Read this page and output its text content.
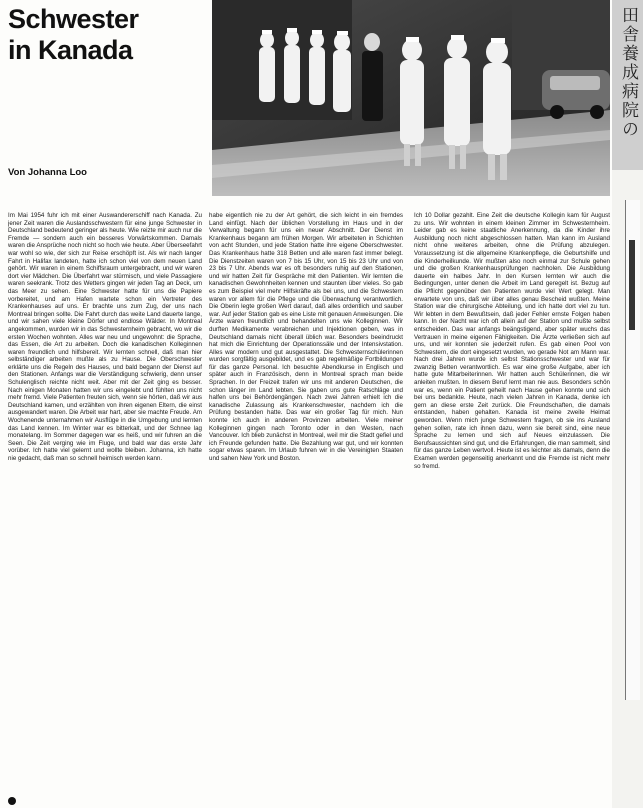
Schwester
in Kanada
Von Johanna Loo
田舎養成病院の

Im Mai 1954 fuhr ich mit einer Auswandererschiff nach Kanada. Zu jener Zeit waren die Auslandsschwestern für eine junge Schwester in Deutschland bedeutend geringer als heute. Wie reizte mir auch nur die Fremde — sondern auch ein besseres Vorwärtskommen. Damals waren die Ansprüche noch nicht so hoch wie heute. Aber Überseefahrt war wohl so wie, der sich zur Reise erschöpft ist. Als wir nach langer Fahrt in Halifax landeten, hatte ich schon viel von dem neuen Land gehört. Wir waren in einem Schiffsraum untergebracht, und wir waren dort vier Mädchen. Die Überfahrt war stürmisch, und viele Passagiere waren seekrank. Trotz des Wetters gingen wir jeden Tag an Deck, um das Meer zu sehen. Eine Schwester hatte für uns die Papiere vorbereitet, und am Hafen wartete schon ein Vertreter des Krankenhauses auf uns. Er brachte uns zum Zug, der uns nach Montreal bringen sollte. Die Fahrt durch das weite Land dauerte lange, und wir sahen viele kleine Dörfer und endlose Wälder. In Montreal angekommen, wurden wir in das Schwesternheim gebracht, wo wir die ersten Wochen wohnten. Alles war neu und ungewohnt: die Sprache, das Essen, die Art zu arbeiten. Doch die kanadischen Kolleginnen waren freundlich und hilfsbereit. Wir lernten schnell, daß man hier selbständiger arbeiten mußte als zu Hause. Die Oberschwester erklärte uns die Regeln des Hauses, und bald begann der Dienst auf den Stationen. Anfangs war die Verständigung schwierig, denn unser Schulenglisch reichte nicht weit. Aber mit der Zeit ging es besser. Nach einigen Monaten hatten wir uns eingelebt und fühlten uns nicht mehr fremd. Viele Patienten freuten sich, wenn sie hörten, daß wir aus Deutschland kamen, und erzählten von ihren eigenen Eltern, die einst ausgewandert waren. Die Arbeit war hart, aber sie machte Freude. Am Wochenende unternahmen wir Ausflüge in die Umgebung und lernten das Land kennen. Im Winter war es bitterkalt, und der Schnee lag monatelang. Im Sommer dagegen war es heiß, und wir fuhren an die Seen. Die Zeit verging wie im Fluge, und bald war das erste Jahr vorüber. Ich hatte viel gelernt und wollte bleiben. Johanna, ich hatte nie gedacht, daß man so schnell heimisch werden kann.

habe eigentlich nie zu der Art gehört, die sich leicht in ein fremdes Land einfügt. Nach der üblichen Vorstellung im Haus und in der Verwaltung begann für uns ein neuer Abschnitt. Der Dienst im Krankenhaus begann am frühen Morgen. Wir arbeiteten in Schichten von acht Stunden, und jede Station hatte ihre eigene Oberschwester. Das Krankenhaus hatte 318 Betten und alle waren fast immer belegt. Die Dienstzeiten waren von 7 bis 15 Uhr, von 15 bis 23 Uhr und von 23 bis 7 Uhr. Abends war es oft besonders ruhig auf den Stationen, und wir hatten Zeit für Gespräche mit den Patienten. Wir lernten die kanadischen Gewohnheiten kennen und staunten über vieles. So gab es zum Beispiel viel mehr Hilfskräfte als bei uns, und die Schwestern waren vor allem für die Pflege und die Überwachung verantwortlich. Die Oberin legte großen Wert darauf, daß alles ordentlich und sauber war. Auf jeder Station gab es eine Liste mit genauen Anweisungen. Die Ärzte waren freundlich und behandelten uns wie Kolleginnen. Wir durften Medikamente verabreichen und Injektionen geben, was in Deutschland damals nicht überall üblich war. Besonders beeindruckt hat mich die Einrichtung der Operationssäle und der Intensivstation. Alles war modern und gut ausgestattet. Die Schwesternschülerinnen wurden sorgfältig ausgebildet, und es gab regelmäßige Fortbildungen für das ganze Personal. Ich besuchte Abendkurse in Englisch und später auch in Französisch, denn in Montreal sprach man beide Sprachen. In der Freizeit trafen wir uns mit anderen Deutschen, die schon länger im Land lebten. Sie gaben uns gute Ratschläge und halfen uns bei Behördengängen. Nach zwei Jahren erhielt ich die kanadische Zulassung als Krankenschwester, nachdem ich die Prüfung bestanden hatte. Das war ein großer Tag für mich. Nun konnte ich auch in anderen Provinzen arbeiten. Viele meiner Kolleginnen gingen nach Toronto oder in den Westen, nach Vancouver. Ich blieb zunächst in Montreal, weil mir die Stadt gefiel und ich Freunde gefunden hatte. Die Bezahlung war gut, und wir konnten sogar etwas sparen. Im Urlaub fuhren wir in die Vereinigten Staaten und sahen New York und Boston.

Ich 10 Dollar gezahlt. Eine Zeit die deutsche Kollegin kam für August zu uns. Wir wohnten in einem kleinen Zimmer im Schwesternheim. Leider gab es keine staatliche Anerkennung, da die Kinder ihre Ausbildung noch nicht abgeschlossen hatten. Man kann im Ausland nicht ohne weiteres arbeiten, ohne die Prüfung abzulegen. Voraussetzung ist die allgemeine Krankenpflege, die Geburtshilfe und die Kinderheilkunde. Wir mußten also noch einmal zur Schule gehen und die großen Krankenhausprüfungen nachholen. Die Ausbildung dauerte ein halbes Jahr. In den Kursen lernten wir auch die Bedingungen, unter denen die Arbeit im Land geregelt ist. Bezug auf die Pflicht gegenüber den Patienten wurde viel Wert gelegt. Man erwartete von uns, daß wir über alles genau Bescheid wußten. Meine Station war die chirurgische Abteilung, und ich hatte dort viel zu tun. Wir lebten in dem Bewußtsein, daß jeder Fehler ernste Folgen haben kann. In der Nacht war ich oft allein auf der Station und mußte selbst entscheiden. Das war anfangs beängstigend, aber später wuchs das Vertrauen in meine eigenen Fähigkeiten. Die Ärzte verließen sich auf uns, und wir konnten sie jederzeit rufen. Es gab einen Pool von Schwestern, die dort eingesetzt wurden, wo gerade Not am Mann war. Nach drei Jahren wurde ich selbst Stationsschwester und war für zwanzig Betten verantwortlich. Es war eine große Aufgabe, aber ich hatte gute Mitarbeiterinnen. Wir hatten auch Schülerinnen, die wir anleiten mußten. In diesem Beruf lernt man nie aus. Besonders schön war es, wenn ein Patient geheilt nach Hause gehen konnte und sich bei uns bedankte. Heute, nach vielen Jahren in Kanada, denke ich gern an diese erste Zeit zurück. Die Freundschaften, die damals entstanden, haben gehalten. Kanada ist meine zweite Heimat geworden. Wenn mich junge Schwestern fragen, ob sie ins Ausland gehen sollen, rate ich ihnen dazu, wenn sie bereit sind, eine neue Sprache zu lernen und sich auf Neues einzulassen. Die Berufsaussichten sind gut, und die Erfahrungen, die man sammelt, sind für das ganze Leben wertvoll. Heute ist es leichter als damals, denn die Examen werden gegenseitig anerkannt und die Fremde ist nicht mehr so fremd.
